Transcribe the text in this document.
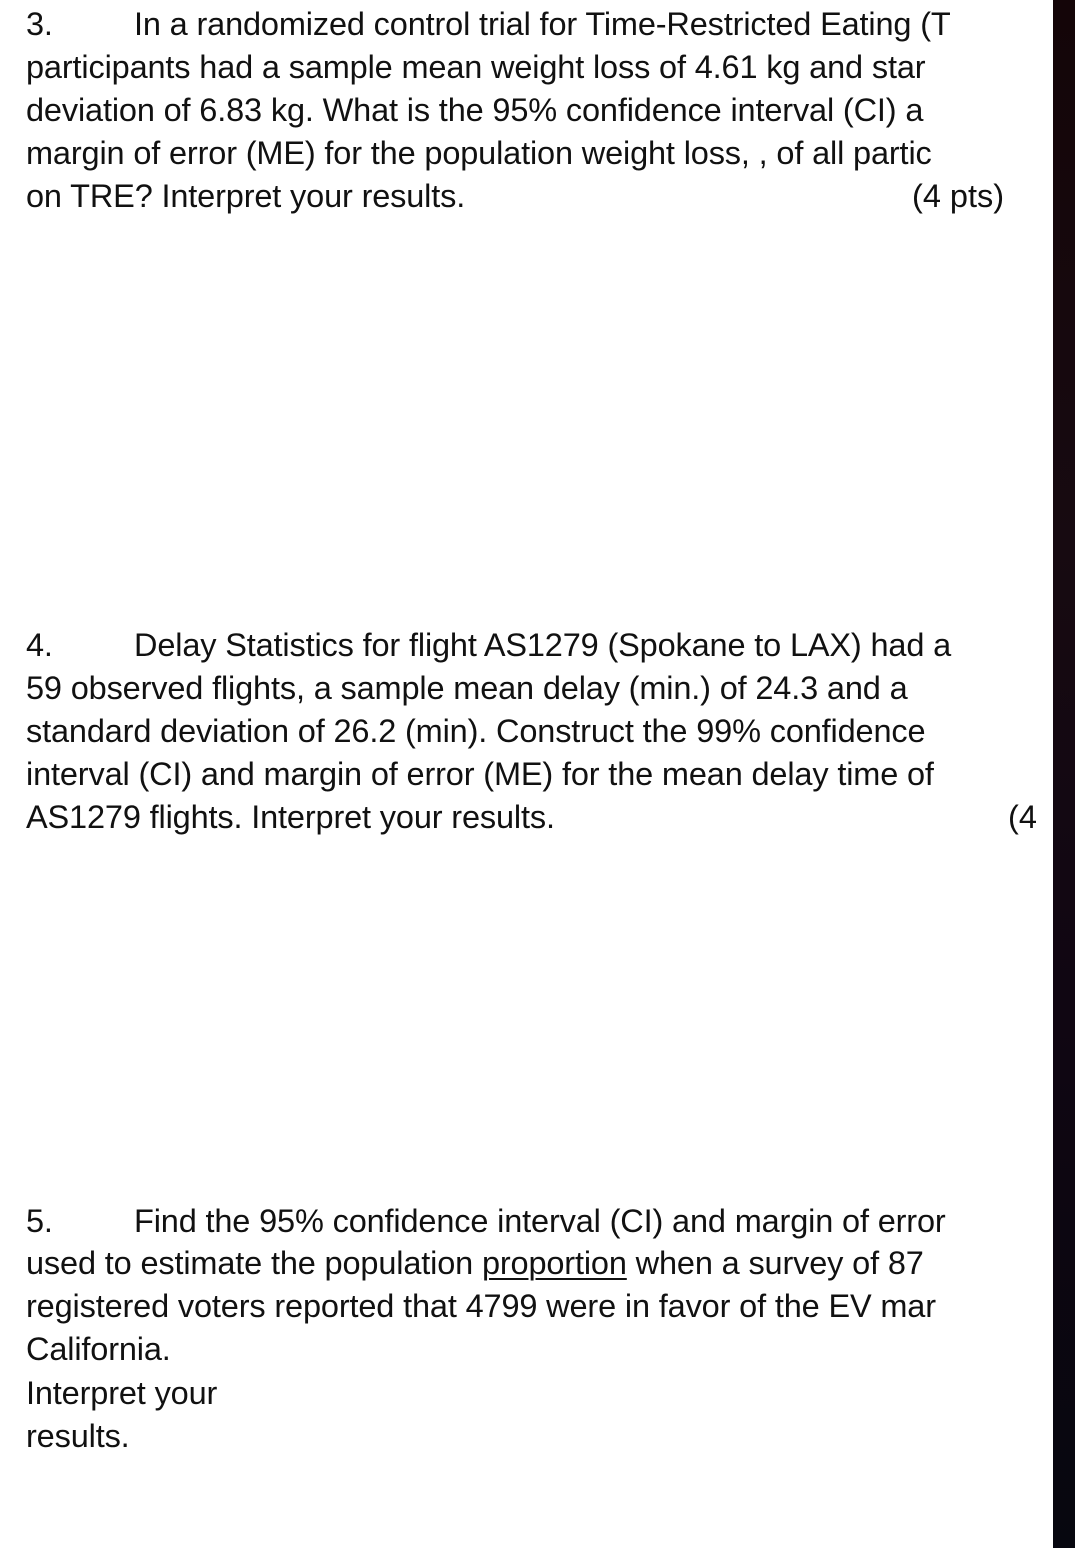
3. In a randomized control trial for Time-Restricted Eating (T
participants had a sample mean weight loss of 4.61 kg and star
deviation of 6.83 kg. What is the 95% confidence interval (CI) a
margin of error (ME) for the population weight loss, , of all partic
on TRE? Interpret your results.	(4 pts)
4. Delay Statistics for flight AS1279 (Spokane to LAX) had a
59 observed flights, a sample mean delay (min.) of 24.3 and a
standard deviation of 26.2 (min). Construct the 99% confidence
interval (CI) and margin of error (ME) for the mean delay time of
AS1279 flights. Interpret your results.	(4
5. Find the 95% confidence interval (CI) and margin of error
used to estimate the population proportion when a survey of 87
registered voters reported that 4799 were in favor of the EV mar
California.
Interpret your
results.
